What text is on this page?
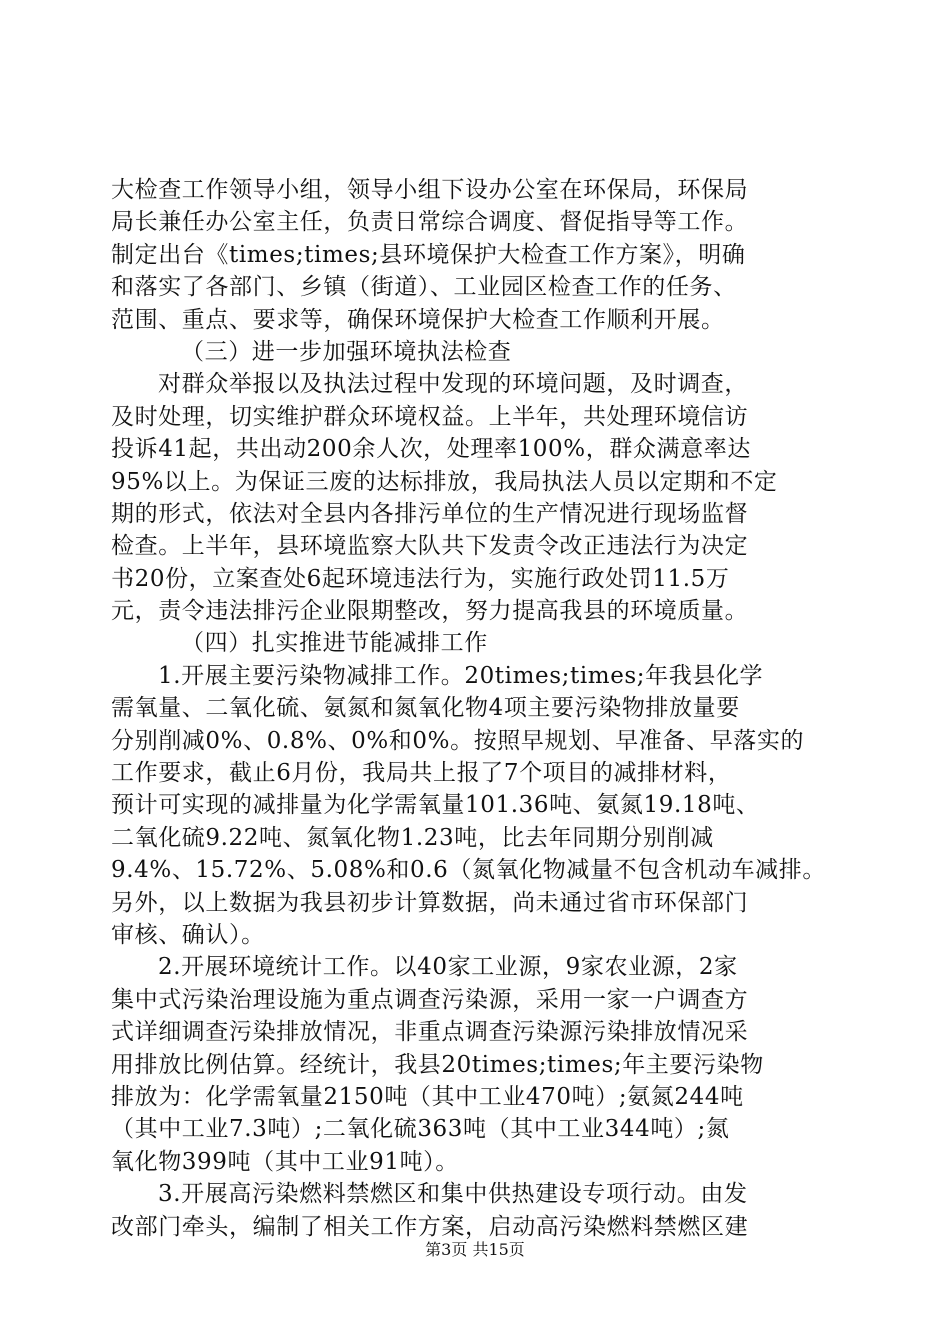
大检查工作领导小组，领导小组下设办公室在环保局，环保局
局长兼任办公室主任，负责日常综合调度、督促指导等工作。
制定出台《times;times;县环境保护大检查工作方案》，明确
和落实了各部门、乡镇（街道）、工业园区检查工作的任务、
范围、重点、要求等，确保环境保护大检查工作顺利开展。
（三）进一步加强环境执法检查
对群众举报以及执法过程中发现的环境问题，及时调查，
及时处理，切实维护群众环境权益。上半年，共处理环境信访
投诉41起，共出动200余人次，处理率100%，群众满意率达
95%以上。为保证三废的达标排放，我局执法人员以定期和不定
期的形式，依法对全县内各排污单位的生产情况进行现场监督
检查。上半年，县环境监察大队共下发责令改正违法行为决定
书20份，立案查处6起环境违法行为，实施行政处罚11.5万
元，责令违法排污企业限期整改，努力提高我县的环境质量。
（四）扎实推进节能减排工作
1.开展主要污染物减排工作。20times;times;年我县化学
需氧量、二氧化硫、氨氮和氮氧化物4项主要污染物排放量要
分别削减0%、0.8%、0%和0%。按照早规划、早准备、早落实的
工作要求，截止6月份，我局共上报了7个项目的减排材料，
预计可实现的减排量为化学需氧量101.36吨、氨氮19.18吨、
二氧化硫9.22吨、氮氧化物1.23吨，比去年同期分别削减
9.4%、15.72%、5.08%和0.6（氮氧化物减量不包含机动车减排。
另外，以上数据为我县初步计算数据，尚未通过省市环保部门
审核、确认）。
2.开展环境统计工作。以40家工业源，9家农业源，2家
集中式污染治理设施为重点调查污染源，采用一家一户调查方
式详细调查污染排放情况，非重点调查污染源污染排放情况采
用排放比例估算。经统计，我县20times;times;年主要污染物
排放为：化学需氧量2150吨（其中工业470吨）;氨氮244吨
（其中工业7.3吨）;二氧化硫363吨（其中工业344吨）;氮
氧化物399吨（其中工业91吨）。
3.开展高污染燃料禁燃区和集中供热建设专项行动。由发
改部门牵头，编制了相关工作方案，启动高污染燃料禁燃区建
第3页 共15页
